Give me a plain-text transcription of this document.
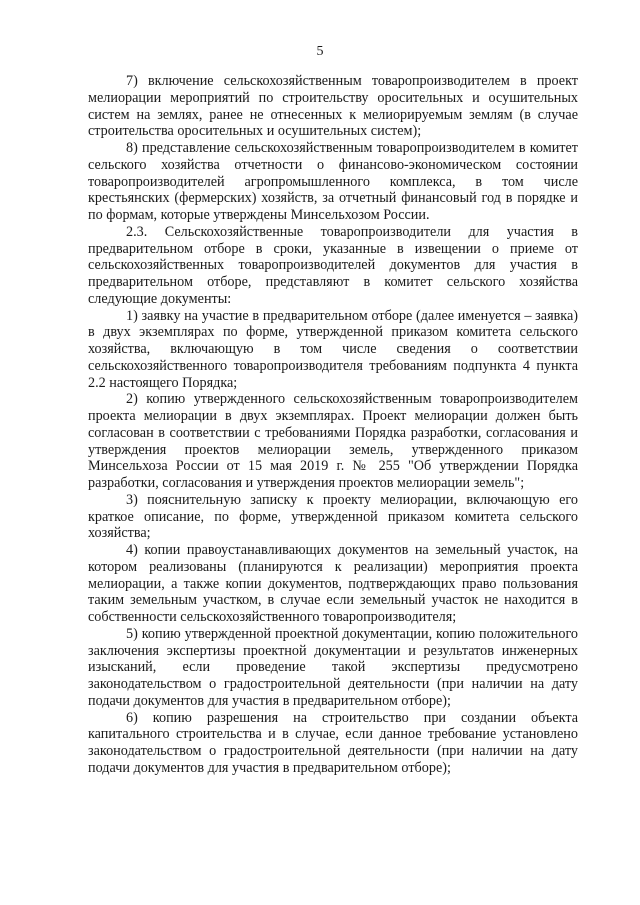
5

7) включение сельскохозяйственным товаропроизводителем в проект мелиорации мероприятий по строительству оросительных и осушительных систем на землях, ранее не отнесенных к мелиорируемым землям (в случае строительства оросительных и осушительных систем);

8) представление сельскохозяйственным товаропроизводителем в комитет сельского хозяйства отчетности о финансово-экономическом состоянии товаропроизводителей агропромышленного комплекса, в том числе крестьянских (фермерских) хозяйств, за отчетный финансовый год в порядке и по формам, которые утверждены Минсельхозом России.

2.3. Сельскохозяйственные товаропроизводители для участия в предварительном отборе в сроки, указанные в извещении о приеме от сельскохозяйственных товаропроизводителей документов для участия в предварительном отборе, представляют в комитет сельского хозяйства следующие документы:

1) заявку на участие в предварительном отборе (далее именуется – заявка) в двух экземплярах по форме, утвержденной приказом комитета сельского хозяйства, включающую в том числе сведения о соответствии сельскохозяйственного товаропроизводителя требованиям подпункта 4 пункта 2.2 настоящего Порядка;

2) копию утвержденного сельскохозяйственным товаропроизводителем проекта мелиорации в двух экземплярах. Проект мелиорации должен быть согласован в соответствии с требованиями Порядка разработки, согласования и утверждения проектов мелиорации земель, утвержденного приказом Минсельхоза России от 15 мая 2019 г. № 255 "Об утверждении Порядка разработки, согласования и утверждения проектов мелиорации земель";

3) пояснительную записку к проекту мелиорации, включающую его краткое описание, по форме, утвержденной приказом комитета сельского хозяйства;

4) копии правоустанавливающих документов на земельный участок, на котором реализованы (планируются к реализации) мероприятия проекта мелиорации, а также копии документов, подтверждающих право пользования таким земельным участком, в случае если земельный участок не находится в собственности сельскохозяйственного товаропроизводителя;

5) копию утвержденной проектной документации, копию положительного заключения экспертизы проектной документации и результатов инженерных изысканий, если проведение такой экспертизы предусмотрено законодательством о градостроительной деятельности (при наличии на дату подачи документов для участия в предварительном отборе);

6) копию разрешения на строительство при создании объекта капитального строительства и в случае, если данное требование установлено законодательством о градостроительной деятельности (при наличии на дату подачи документов для участия в предварительном отборе);
